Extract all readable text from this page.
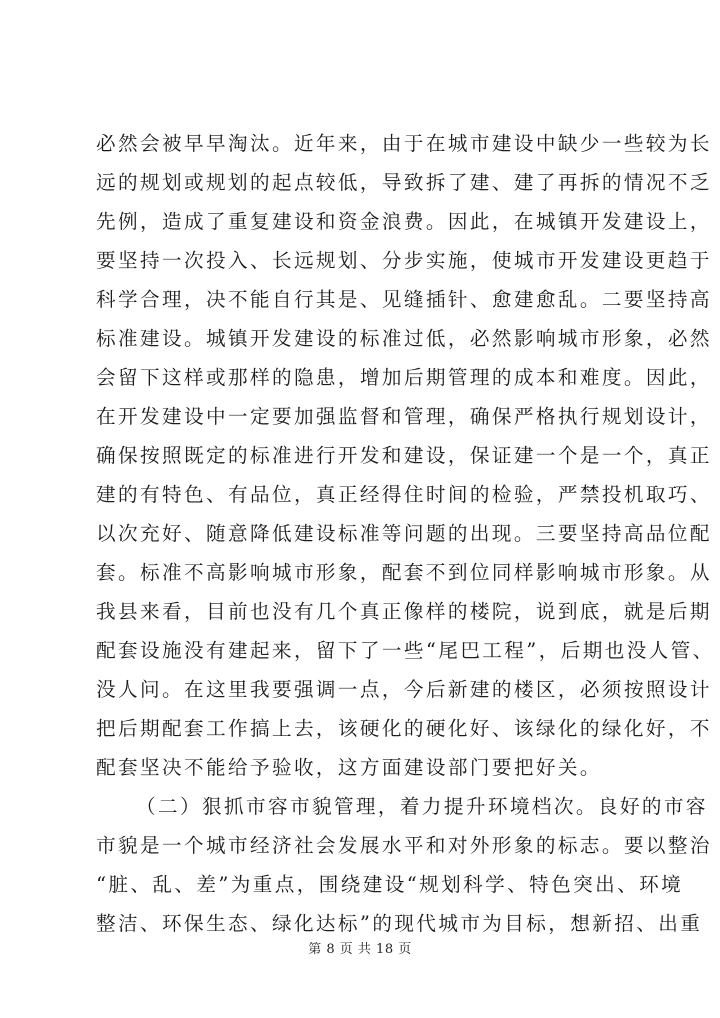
必然会被早早淘汰。近年来，由于在城市建设中缺少一些较为长
远的规划或规划的起点较低，导致拆了建、建了再拆的情况不乏
先例，造成了重复建设和资金浪费。因此，在城镇开发建设上，
要坚持一次投入、长远规划、分步实施，使城市开发建设更趋于
科学合理，决不能自行其是、见缝插针、愈建愈乱。二要坚持高
标准建设。城镇开发建设的标准过低，必然影响城市形象，必然
会留下这样或那样的隐患，增加后期管理的成本和难度。因此，
在开发建设中一定要加强监督和管理，确保严格执行规划设计，
确保按照既定的标准进行开发和建设，保证建一个是一个，真正
建的有特色、有品位，真正经得住时间的检验，严禁投机取巧、
以次充好、随意降低建设标准等问题的出现。三要坚持高品位配
套。标准不高影响城市形象，配套不到位同样影响城市形象。从
我县来看，目前也没有几个真正像样的楼院，说到底，就是后期
配套设施没有建起来，留下了一些“尾巴工程”，后期也没人管、
没人问。在这里我要强调一点，今后新建的楼区，必须按照设计
把后期配套工作搞上去，该硬化的硬化好、该绿化的绿化好，不
配套坚决不能给予验收，这方面建设部门要把好关。
（二）狠抓市容市貌管理，着力提升环境档次。良好的市容
市貌是一个城市经济社会发展水平和对外形象的标志。要以整治
“脏、乱、差”为重点，围绕建设“规划科学、特色突出、环境
整洁、环保生态、绿化达标”的现代城市为目标，想新招、出重
第 8 页 共 18 页
